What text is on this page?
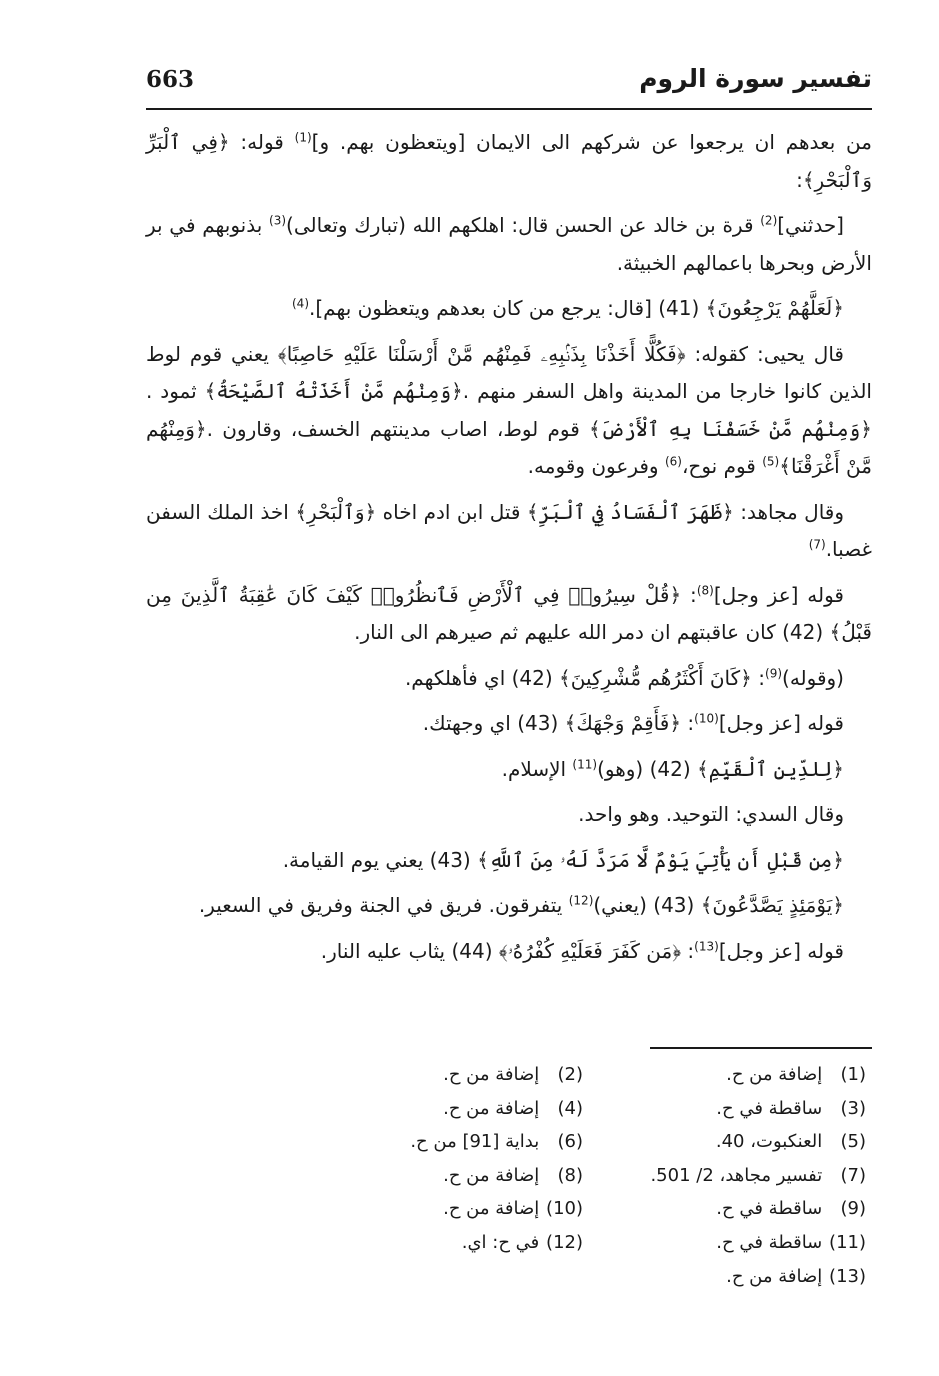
تفسير سورة الروم
663

من بعدهم ان يرجعوا عن شركهم الى الايمان [ويتعظون بهم. و]$^{(1)}$ قوله: ﴿فِي ٱلْبَرِّ وَٱلْبَحْرِ﴾:

[حدثني]$^{(2)}$ قرة بن خالد عن الحسن قال: اهلكهم الله (تبارك وتعالى)$^{(3)}$ بذنوبهم في بر الأرض وبحرها باعمالهم الخبيثة.

﴿لَعَلَّهُمْ يَرْجِعُونَ﴾ (41) [قال: يرجع من كان بعدهم ويتعظون بهم].$^{(4)}$

قال يحيى: كقوله: ﴿فَكُلًّا أَخَذْنَا بِذَنۢبِهِۦ فَمِنْهُم مَّنْ أَرْسَلْنَا عَلَيْهِ حَاصِبًا﴾ يعني قوم لوط الذين كانوا خارجا من المدينة واهل السفر منهم .﴿وَمِنْهُم مَّنْ أَخَذَتْهُ ٱلصَّيْحَةُ﴾ ثمود .﴿وَمِنْهُم مَّنْ خَسَفْنَا بِهِ ٱلْأَرْضَ﴾ قوم لوط، اصاب مدينتهم الخسف، وقارون .﴿وَمِنْهُم مَّنْ أَغْرَقْنَا﴾$^{(5)}$ قوم نوح،$^{(6)}$ وفرعون وقومه.

وقال مجاهد: ﴿ظَهَرَ ٱلْفَسَادُ فِي ٱلْبَرِّ﴾ قتل ابن ادم اخاه ﴿وَٱلْبَحْرِ﴾ اخذ الملك السفن غصبا.$^{(7)}$

قوله [عز وجل]$^{(8)}$: ﴿قُلْ سِيرُوا۟ فِي ٱلْأَرْضِ فَٱنظُرُوا۟ كَيْفَ كَانَ عَٰقِبَةُ ٱلَّذِينَ مِن قَبْلُ﴾ (42) كان عاقبتهم ان دمر الله عليهم ثم صيرهم الى النار.

(وقوله)$^{(9)}$: ﴿كَانَ أَكْثَرُهُم مُّشْرِكِينَ﴾ (42) اي فأهلكهم.

قوله [عز وجل]$^{(10)}$: ﴿فَأَقِمْ وَجْهَكَ﴾ (43) اي وجهتك.

﴿لِلدِّينِ ٱلْقَيِّمِ﴾ (42) (وهو)$^{(11)}$ الإسلام.

وقال السدي: التوحيد. وهو واحد.

﴿مِن قَبْلِ أَن يَأْتِيَ يَوْمٌ لَّا مَرَدَّ لَهُۥ مِنَ ٱللَّهِ﴾ (43) يعني يوم القيامة.

﴿يَوْمَئِذٍ يَصَّدَّعُونَ﴾ (43) (يعني)$^{(12)}$ يتفرقون. فريق في الجنة وفريق في السعير.

قوله [عز وجل]$^{(13)}$: ﴿مَن كَفَرَ فَعَلَيْهِ كُفْرُهُۥ﴾ (44) يثاب عليه النار.

(1) إضافة من ح.
(2) إضافة من ح.
(3) ساقطة في ح.
(4) إضافة من ح.
(5) العنكبوت، 40.
(6) بداية [91] من ح.
(7) تفسير مجاهد، 2/ 501.
(8) إضافة من ح.
(9) ساقطة في ح.
(10) إضافة من ح.
(11) ساقطة في ح.
(12) في ح: اي.
(13) إضافة من ح.
